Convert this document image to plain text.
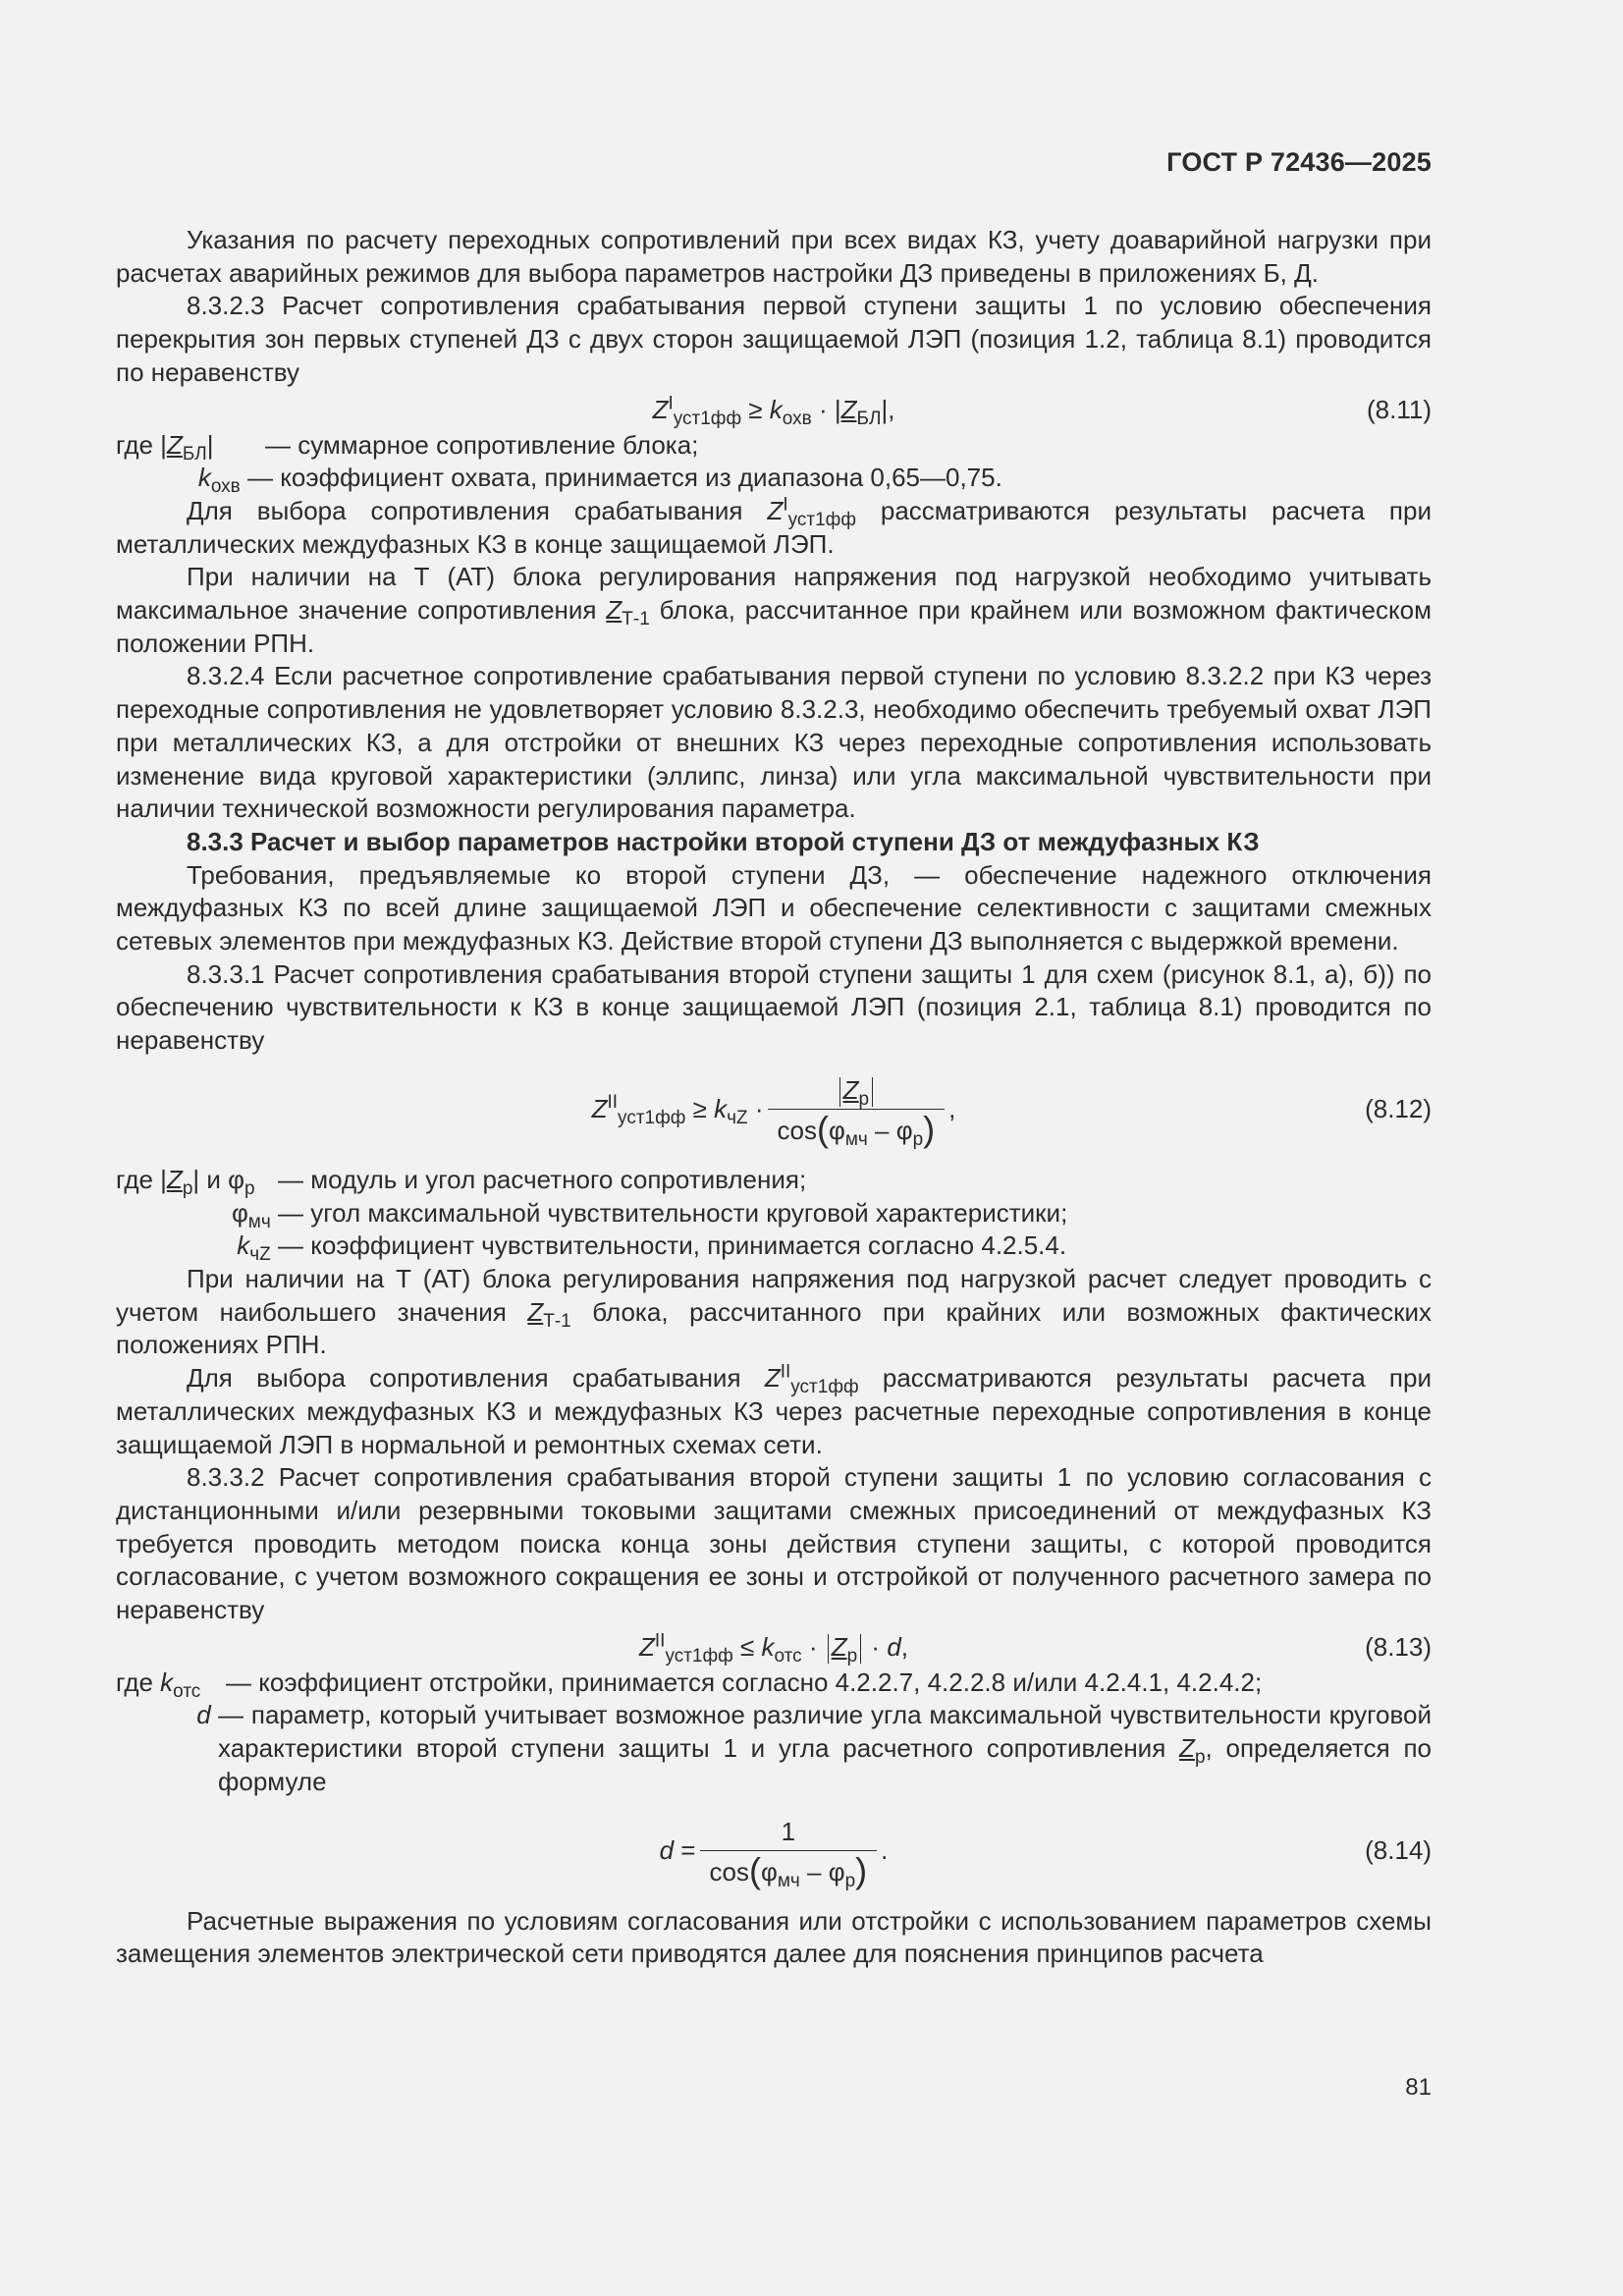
ГОСТ Р 72436—2025

Указания по расчету переходных сопротивлений при всех видах КЗ, учету доаварийной нагрузки при расчетах аварийных режимов для выбора параметров настройки ДЗ приведены в приложениях Б, Д.

8.3.2.3 Расчет сопротивления срабатывания первой ступени защиты 1 по условию обеспечения перекрытия зон первых ступеней ДЗ с двух сторон защищаемой ЛЭП (позиция 1.2, таблица 8.1) проводится по неравенству

$Z^I_{уст1фф} \ge k_{охв} \cdot |Z_{БЛ}|$,	(8.11)
где $|Z_{БЛ}|$	— суммарное сопротивление блока;
$k_{охв}$ — коэффициент охвата, принимается из диапазона 0,65—0,75.

Для выбора сопротивления срабатывания $Z^I_{уст1фф}$ рассматриваются результаты расчета при металлических междуфазных КЗ в конце защищаемой ЛЭП.

При наличии на Т (АТ) блока регулирования напряжения под нагрузкой необходимо учитывать максимальное значение сопротивления $Z_{Т-1}$ блока, рассчитанное при крайнем или возможном фактическом положении РПН.

8.3.2.4 Если расчетное сопротивление срабатывания первой ступени по условию 8.3.2.2 при КЗ через переходные сопротивления не удовлетворяет условию 8.3.2.3, необходимо обеспечить требуемый охват ЛЭП при металлических КЗ, а для отстройки от внешних КЗ через переходные сопротивления использовать изменение вида круговой характеристики (эллипс, линза) или угла максимальной чувствительности при наличии технической возможности регулирования параметра.

8.3.3 Расчет и выбор параметров настройки второй ступени ДЗ от междуфазных КЗ

Требования, предъявляемые ко второй ступени ДЗ, — обеспечение надежного отключения междуфазных КЗ по всей длине защищаемой ЛЭП и обеспечение селективности с защитами смежных сетевых элементов при междуфазных КЗ. Действие второй ступени ДЗ выполняется с выдержкой времени.

8.3.3.1 Расчет сопротивления срабатывания второй ступени защиты 1 для схем (рисунок 8.1, а), б)) по обеспечению чувствительности к КЗ в конце защищаемой ЛЭП (позиция 2.1, таблица 8.1) проводится по неравенству

$Z^{II}_{уст1фф} \ge k_{чZ} \cdot \frac{Z_р}{\cos(\varphi_{мч} - \varphi_р)}$ ,	(8.12)
где $|Z_р|$ и $\varphi_р$ — модуль и угол расчетного сопротивления;
$\varphi_{мч}$ — угол максимальной чувствительности круговой характеристики;
$k_{чZ}$ — коэффициент чувствительности, принимается согласно 4.2.5.4.

При наличии на Т (АТ) блока регулирования напряжения под нагрузкой расчет следует проводить с учетом наибольшего значения $Z_{Т-1}$ блока, рассчитанного при крайних или возможных фактических положениях РПН.

Для выбора сопротивления срабатывания $Z^{II}_{уст1фф}$ рассматриваются результаты расчета при металлических междуфазных КЗ и междуфазных КЗ через расчетные переходные сопротивления в конце защищаемой ЛЭП в нормальной и ремонтных схемах сети.

8.3.3.2 Расчет сопротивления срабатывания второй ступени защиты 1 по условию согласования с дистанционными и/или резервными токовыми защитами смежных присоединений от междуфазных КЗ требуется проводить методом поиска конца зоны действия ступени защиты, с которой проводится согласование, с учетом возможного сокращения ее зоны и отстройкой от полученного расчетного замера по неравенству

$Z^{II}_{уст1фф} \le k_{отс} \cdot Z_р \cdot d$,	(8.13)
где $k_{отс}$ — коэффициент отстройки, принимается согласно 4.2.2.7, 4.2.2.8 и/или 4.2.4.1, 4.2.4.2;
d — параметр, который учитывает возможное различие угла максимальной чувствительности круговой характеристики второй ступени защиты 1 и угла расчетного сопротивления $Z_р$, определяется по формуле
$d = \frac{1}{\cos(\varphi_{мч} - \varphi_р)}$ .	(8.14)

Расчетные выражения по условиям согласования или отстройки с использованием параметров схемы замещения элементов электрической сети приводятся далее для пояснения принципов расчета

81
